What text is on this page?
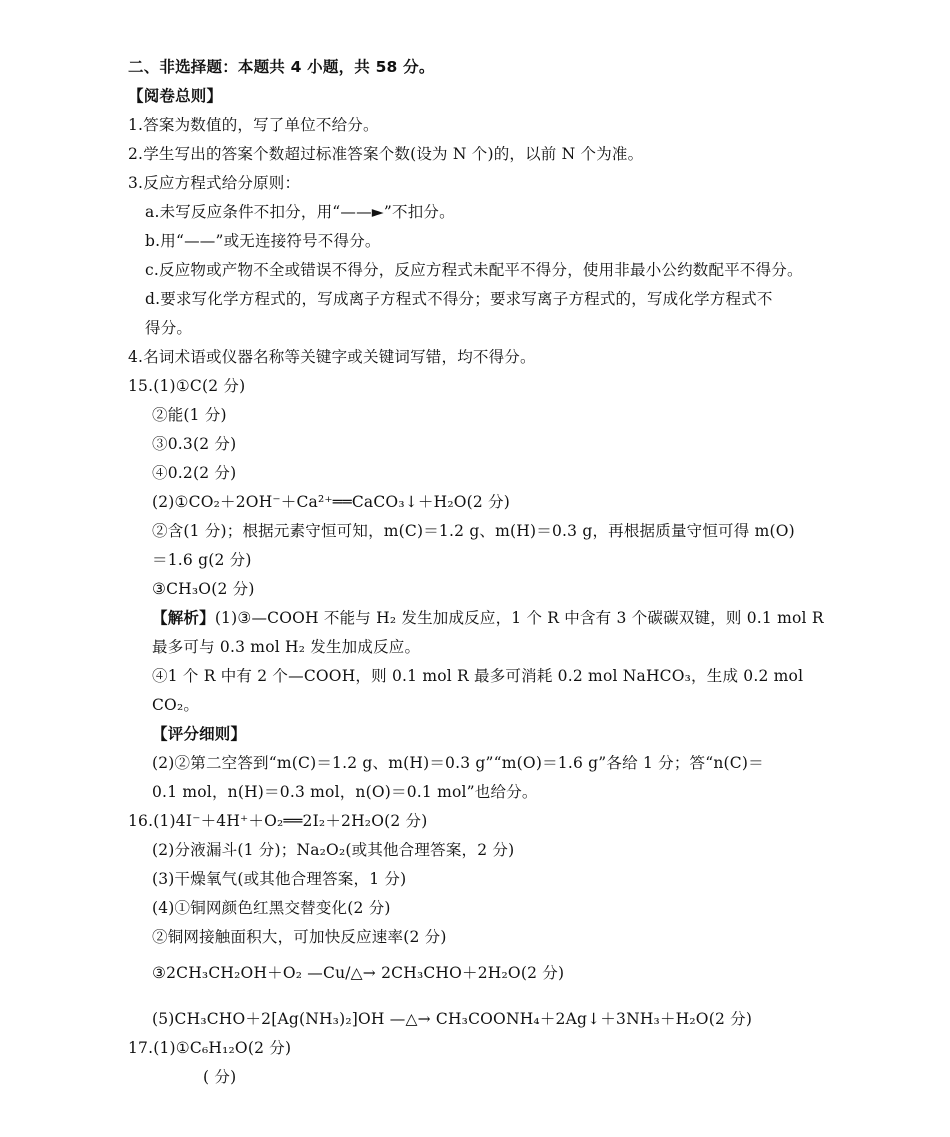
二、非选择题：本题共 4 小题，共 58 分。
【阅卷总则】
1.答案为数值的，写了单位不给分。
2.学生写出的答案个数超过标准答案个数(设为 N 个)的，以前 N 个为准。
3.反应方程式给分原则：
a.未写反应条件不扣分，用“——►”不扣分。
b.用“——”或无连接符号不得分。
c.反应物或产物不全或错误不得分，反应方程式未配平不得分，使用非最小公约数配平不得分。
d.要求写化学方程式的，写成离子方程式不得分；要求写离子方程式的，写成化学方程式不
得分。
4.名词术语或仪器名称等关键字或关键词写错，均不得分。
15.(1)①C(2 分)
②能(1 分)
③0.3(2 分)
④0.2(2 分)
(2)①CO₂＋2OH⁻＋Ca²⁺══CaCO₃↓＋H₂O(2 分)
②含(1 分)；根据元素守恒可知，m(C)＝1.2 g、m(H)＝0.3 g，再根据质量守恒可得 m(O)
＝1.6 g(2 分)
③CH₃O(2 分)
【解析】(1)③—COOH 不能与 H₂ 发生加成反应，1 个 R 中含有 3 个碳碳双键，则 0.1 mol R
最多可与 0.3 mol H₂ 发生加成反应。
④1 个 R 中有 2 个—COOH，则 0.1 mol R 最多可消耗 0.2 mol NaHCO₃，生成 0.2 mol
CO₂。
【评分细则】
(2)②第二空答到“m(C)＝1.2 g、m(H)＝0.3 g”“m(O)＝1.6 g”各给 1 分；答“n(C)＝
0.1 mol，n(H)＝0.3 mol，n(O)＝0.1 mol”也给分。
16.(1)4I⁻＋4H⁺＋O₂══2I₂＋2H₂O(2 分)
(2)分液漏斗(1 分)；Na₂O₂(或其他合理答案，2 分)
(3)干燥氧气(或其他合理答案，1 分)
(4)①铜网颜色红黑交替变化(2 分)
②铜网接触面积大，可加快反应速率(2 分)
③2CH₃CH₂OH＋O₂ —Cu/△→ 2CH₃CHO＋2H₂O(2 分)
(5)CH₃CHO＋2[Ag(NH₃)₂]OH —△→ CH₃COONH₄＋2Ag↓＋3NH₃＋H₂O(2 分)
17.(1)①C₆H₁₂O(2 分)
( 分)
